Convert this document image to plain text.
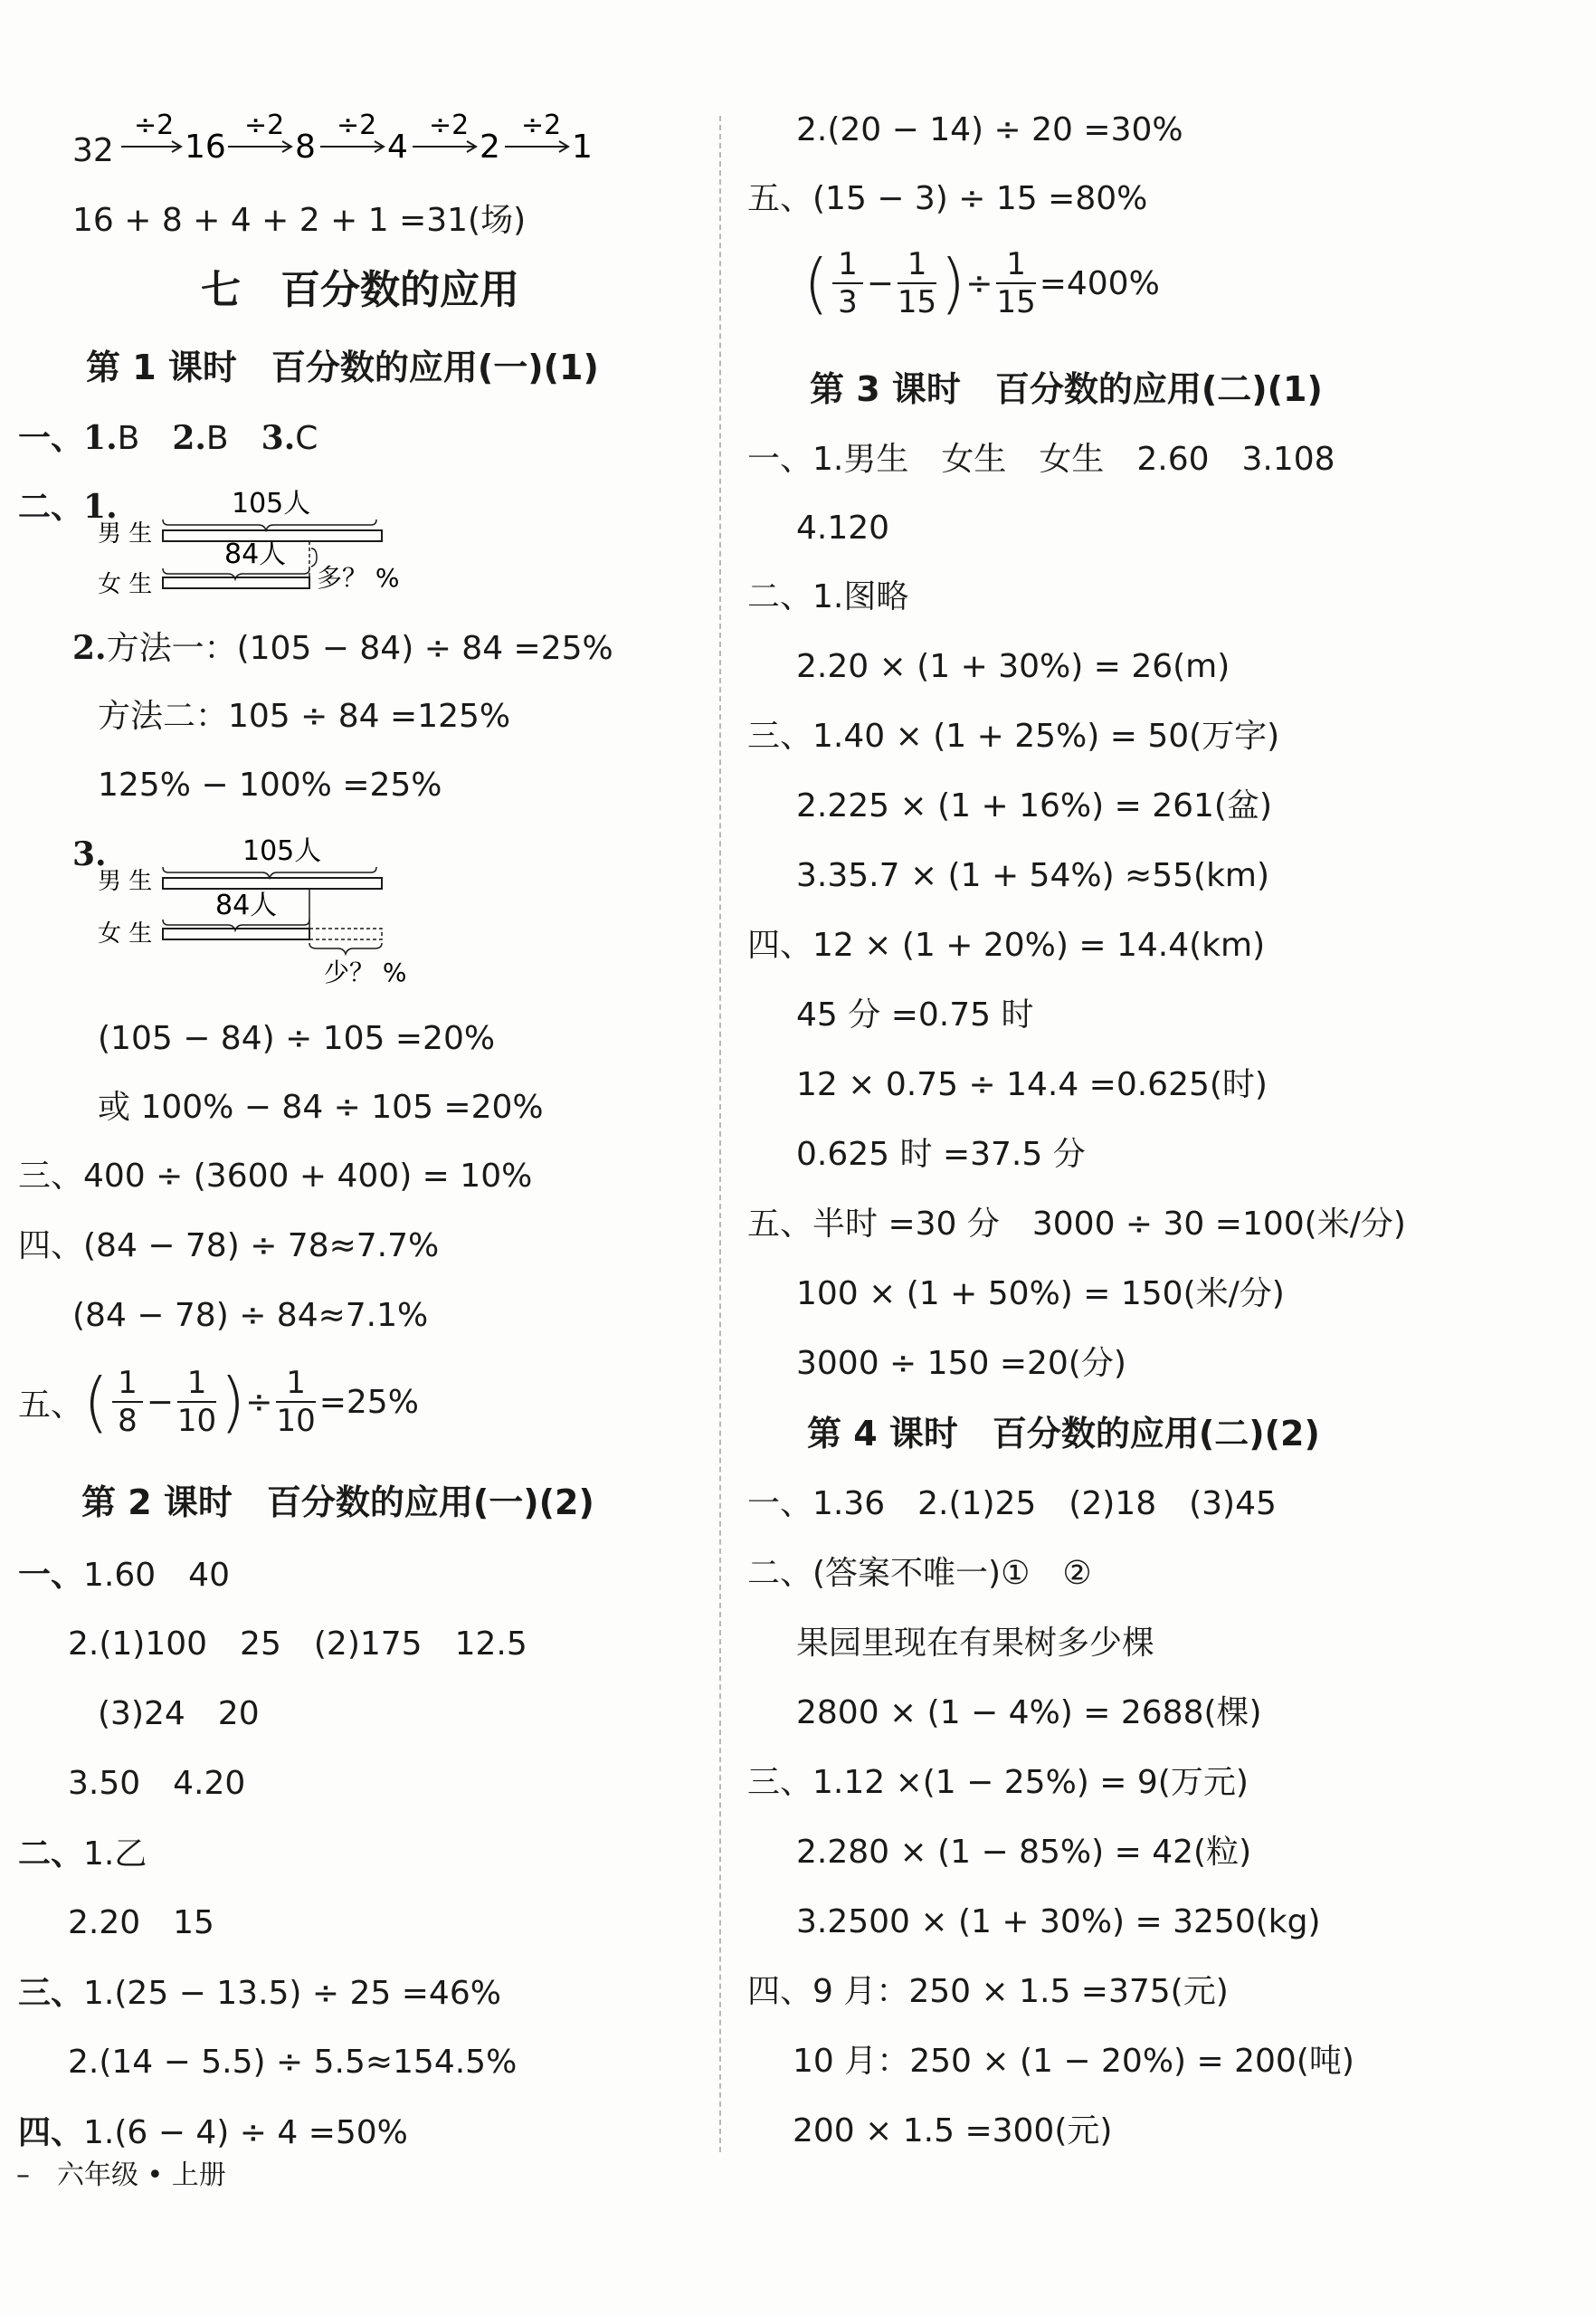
32
÷2
16
÷2
8
÷2
4
÷2
2
÷2
1
16 + 8 + 4 + 2 + 1 =31(场)
七　百分数的应用
第 1 课时　百分数的应用(一)(1)
一、1.B　 2.B　 3.C
二、1.	105人
男 生
84人
女 生	多？ %
2.方法一：(105 − 84) ÷ 84 =25%
方法二：105 ÷ 84 =125%
125% − 100% =25%
3.	105人
男 生
84人
女 生
少？ %
(105 − 84) ÷ 105 =20%
或 100% − 84 ÷ 105 =20%
三、400 ÷ (3600 + 400) = 10%
四、(84 − 78) ÷ 78≈7.7%
(84 − 78) ÷ 84≈7.1%
五、 ( $\frac{1}{8} - \frac{1}{10}$ ) ÷ $\frac{1}{10} =25\%$
第 2 课时　百分数的应用(一)(2)
一、1.60　40
2.(1)100　25　(2)175　12.5
(3)24　20
3.50　4.20
二、1.乙
2.20　15
三、1.(25 − 13.5) ÷ 25 =46%
2.(14 − 5.5) ÷ 5.5≈154.5%
四、1.(6 − 4) ÷ 4 =50%
2.(20 − 14) ÷ 20 =30%
五、(15 − 3) ÷ 15 =80%
( $\frac{1}{3} - \frac{1}{15}$ ) ÷ $\frac{1}{15} =400\%$
第 3 课时　百分数的应用(二)(1)
一、1.男生　女生　女生　2.60　3.108
4.120
二、1.图略
2.20 × (1 + 30%) = 26(m)
三、1.40 × (1 + 25%) = 50(万字)
2.225 × (1 + 16%) = 261(盆)
3.35.7 × (1 + 54%) ≈55(km)
四、12 × (1 + 20%) = 14.4(km)
45 分 =0.75 时
12 × 0.75 ÷ 14.4 =0.625(时)
0.625 时 =37.5 分
五、半时 =30 分　3000 ÷ 30 =100(米/分)
100 × (1 + 50%) = 150(米/分)
3000 ÷ 150 =20(分)
第 4 课时　百分数的应用(二)(2)
一、1.36　2.(1)25　(2)18　(3)45
二、(答案不唯一)①　②
果园里现在有果树多少棵
2800 × (1 − 4%) = 2688(棵)
三、1.12 ×(1 − 25%) = 9(万元)
2.280 × (1 − 85%) = 42(粒)
3.2500 × (1 + 30%) = 3250(kg)
四、9 月：250 × 1.5 =375(元)
10 月：250 × (1 − 20%) = 200(吨)
200 × 1.5 =300(元)
–　六年级 • 上册
